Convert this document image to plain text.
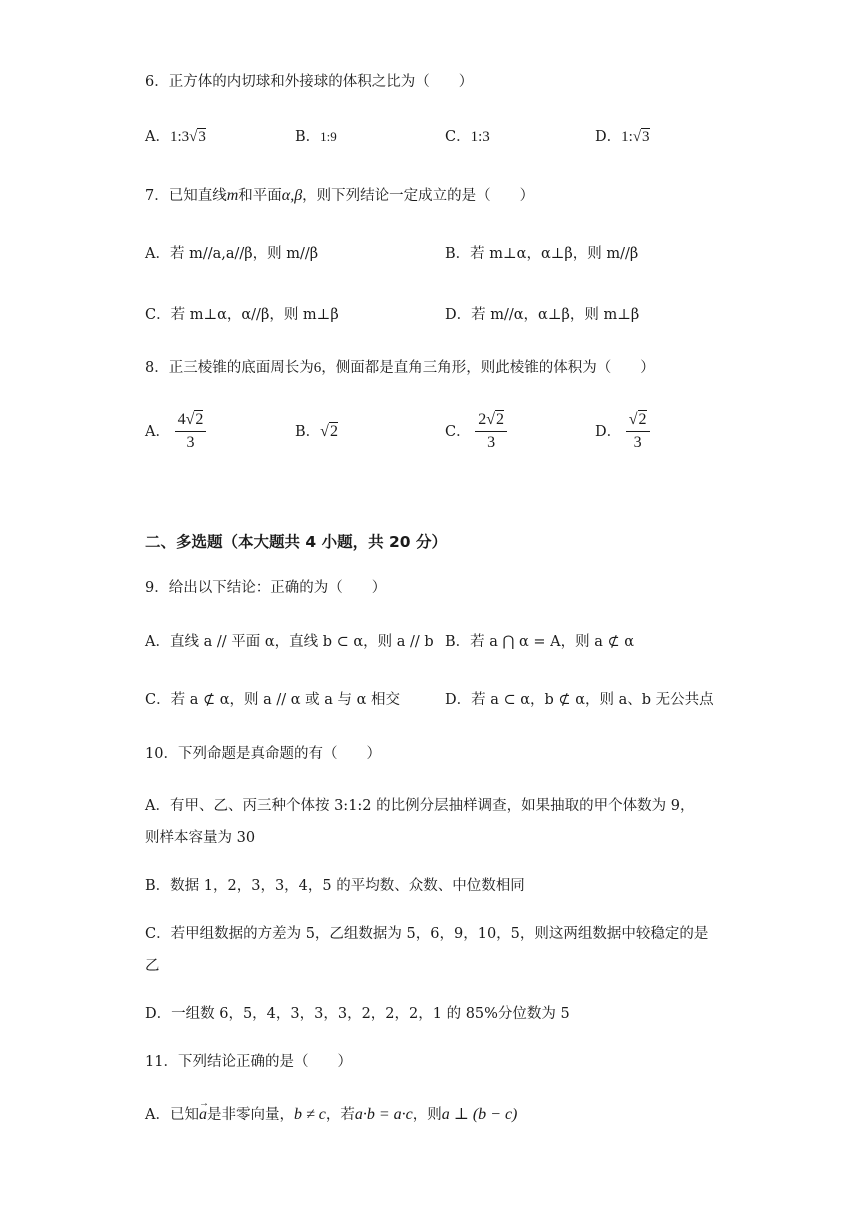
6．正方体的内切球和外接球的体积之比为（　　）
A．1:3√3	B．1:9	C．1:3	D．1:√3
7．已知直线m和平面α,β，则下列结论一定成立的是（　　）
A．若 m//a,a//β，则 m//β	B．若 m⊥α，α⊥β，则 m//β
C．若 m⊥α，α//β，则 m⊥β	D．若 m//α，α⊥β，则 m⊥β
8．正三棱锥的底面周长为6，侧面都是直角三角形，则此棱锥的体积为（　　）
A． $\frac{4√2}{3}$	B．√2	C． $\frac{2√2}{3}$	D． $\frac{√2}{3}$
二、多选题（本大题共 4 小题，共 20 分）
9．给出以下结论：正确的为（　　）
A．直线 a // 平面 α，直线 b ⊂ α，则 a // b B．若 a ⋂ α = A，则 a ⊄ α
C．若 a ⊄ α，则 a // α 或 a 与 α 相交	D．若 a ⊂ α，b ⊄ α，则 a、b 无公共点
10．下列命题是真命题的有（　　）
A．有甲、乙、丙三种个体按 3:1:2 的比例分层抽样调查，如果抽取的甲个体数为 9，
则样本容量为 30
B．数据 1，2，3，3，4，5 的平均数、众数、中位数相同
C．若甲组数据的方差为 5，乙组数据为 5，6，9，10，5，则这两组数据中较稳定的是
乙
D．一组数 6，5，4，3，3，3，2，2，2，1 的 85%分位数为 5
11．下列结论正确的是（　　）
A．已知→ a是非零向量，b ≠ c，若a·b = a·c，则a ⊥ (b − c)
